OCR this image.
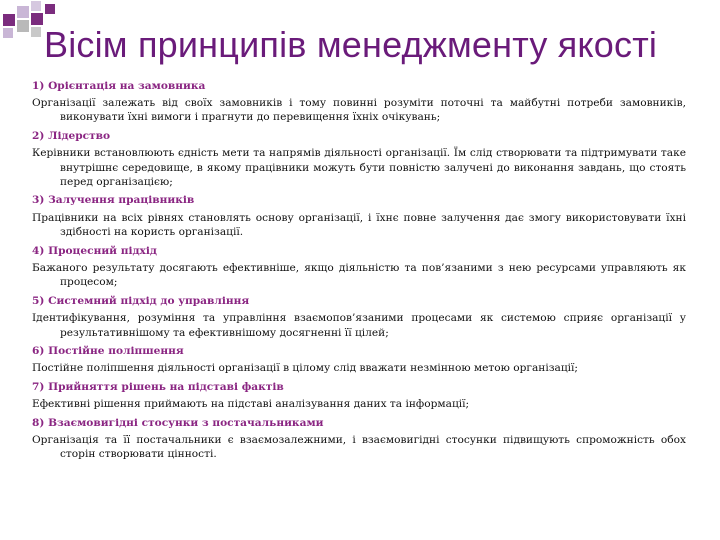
Вісім принципів менеджменту якості
1) Орієнтація на замовника
Організації залежать від своїх замовників і тому повинні розуміти поточні та майбутні потреби замовників, виконувати їхні вимоги і прагнути до перевищення їхніх очікувань;
2) Лідерство
Керівники встановлюють єдність мети та напрямів діяльності організації. Їм слід створювати та підтримувати таке внутрішнє середовище, в якому працівники можуть бути повністю залучені до виконання завдань, що стоять перед організацією;
3) Залучення працівників
Працівники на всіх рівнях становлять основу організації, і їхнє повне залучення дає змогу використовувати їхні здібності на користь організації.
4) Процесний підхід
Бажаного результату досягають ефективніше, якщо діяльністю та пов’язаними з нею ресурсами управляють як процесом;
5) Системний підхід до управління
Ідентифікування, розуміння та управління взаємопов’язаними процесами як системою сприяє організації у результативнішому та ефективнішому досягненні її цілей;
6) Постійне поліпшення
Постійне поліпшення діяльності організації в цілому слід вважати незмінною метою організації;
7) Прийняття рішень на підставі фактів
Ефективні рішення приймають на підставі аналізування даних та інформації;
8) Взаємовигідні стосунки з постачальниками
Організація та її постачальники є взаємозалежними, і взаємовигідні стосунки підвищують спроможність обох сторін створювати цінності.
